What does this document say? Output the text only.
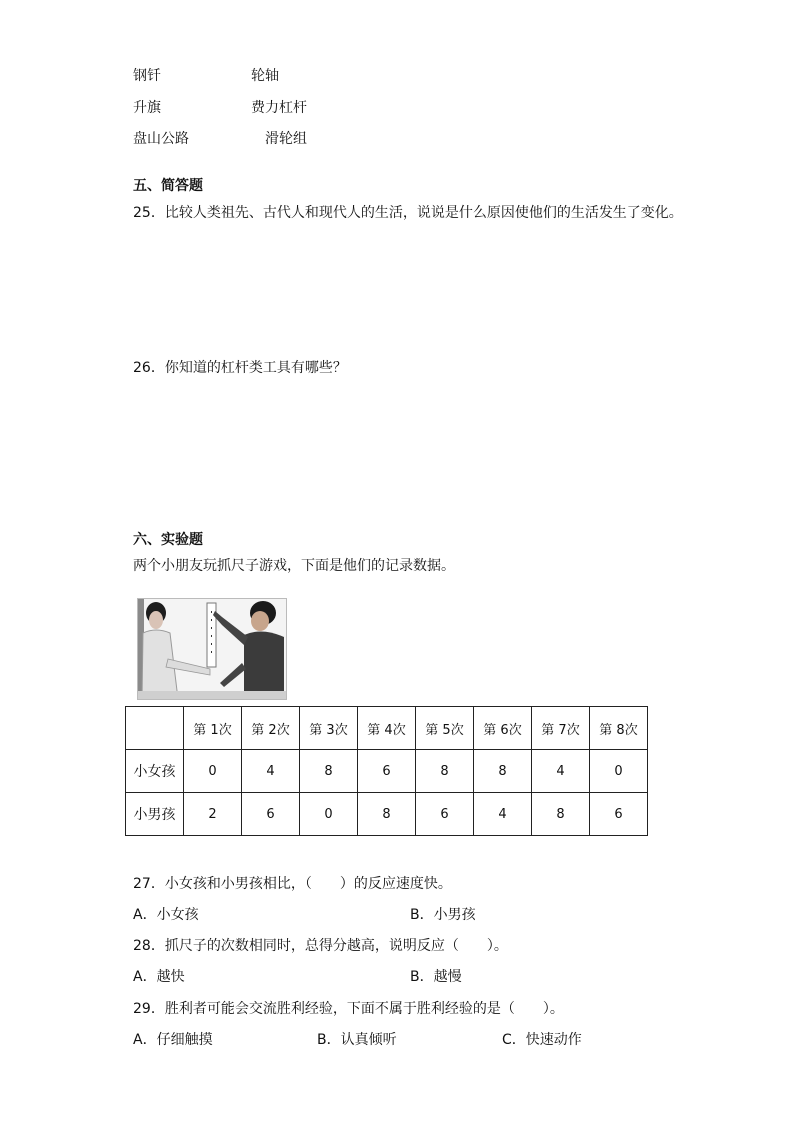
钢钎	轮轴
升旗	费力杠杆
盘山公路	滑轮组
五、简答题
25．比较人类祖先、古代人和现代人的生活，说说是什么原因使他们的生活发生了变化。
26．你知道的杠杆类工具有哪些？
六、实验题
两个小朋友玩抓尺子游戏，下面是他们的记录数据。
	第 1次	第 2次	第 3次	第 4次	第 5次	第 6次	第 7次	第 8次
小女孩	0	4	8	6	8	8	4	0
小男孩	2	6	0	8	6	4	8	6
27．小女孩和小男孩相比，（　　）的反应速度快。
A．小女孩	B．小男孩
28．抓尺子的次数相同时，总得分越高，说明反应（　　）。
A．越快	B．越慢
29．胜利者可能会交流胜利经验，下面不属于胜利经验的是（　　）。
A．仔细触摸	B．认真倾听	C．快速动作
